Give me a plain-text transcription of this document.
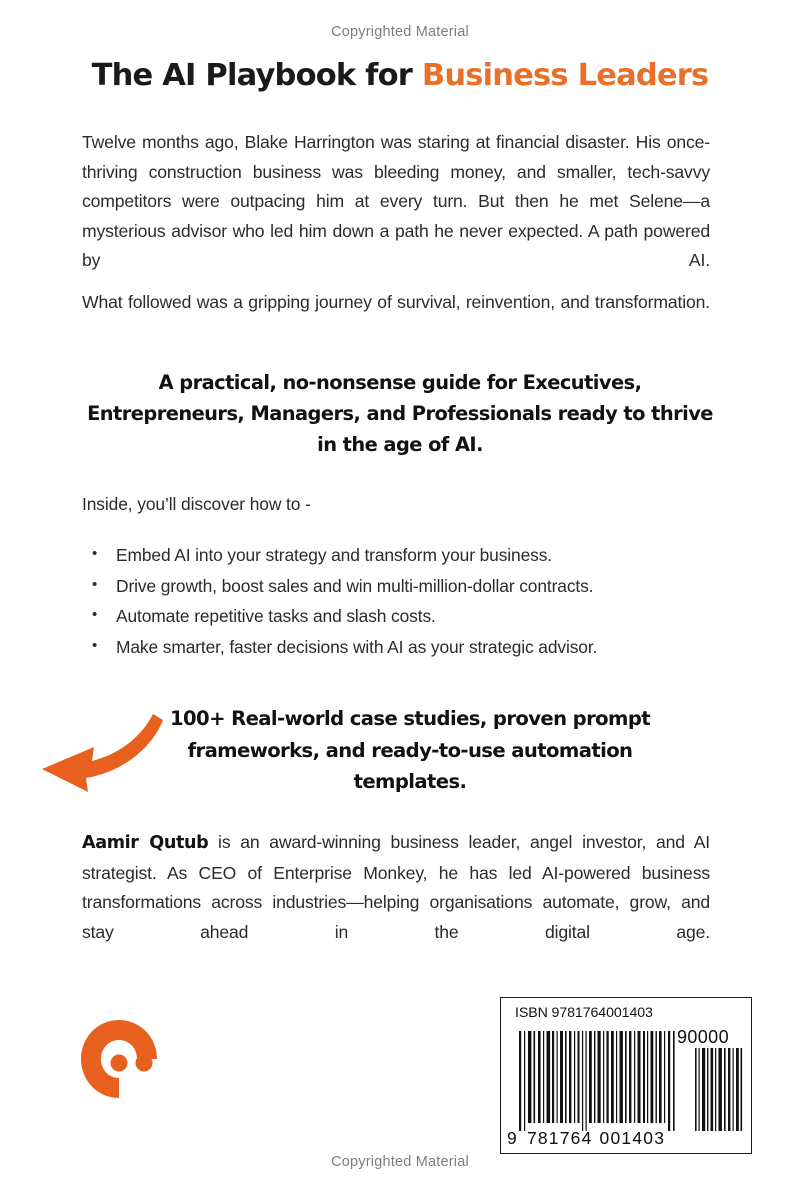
Copyrighted Material
The AI Playbook for Business Leaders

Twelve months ago, Blake Harrington was staring at financial disaster. His once-thriving construction business was bleeding money, and smaller, tech-savvy competitors were outpacing him at every turn. But then he met Selene—a mysterious advisor who led him down a path he never expected. A path powered by AI.

What followed was a gripping journey of survival, reinvention, and transformation.

A practical, no-nonsense guide for Executives, Entrepreneurs, Managers, and Professionals ready to thrive in the age of AI.

Inside, you’ll discover how to -

• Embed AI into your strategy and transform your business.
• Drive growth, boost sales and win multi-million-dollar contracts.
• Automate repetitive tasks and slash costs.
• Make smarter, faster decisions with AI as your strategic advisor.

100+ Real-world case studies, proven prompt frameworks, and ready-to-use automation templates.

Aamir Qutub is an award-winning business leader, angel investor, and AI strategist. As CEO of Enterprise Monkey, he has led AI-powered business transformations across industries—helping organisations automate, grow, and stay ahead in the digital age.

ISBN 9781764001403
90000
9 781764 001403
Copyrighted Material
